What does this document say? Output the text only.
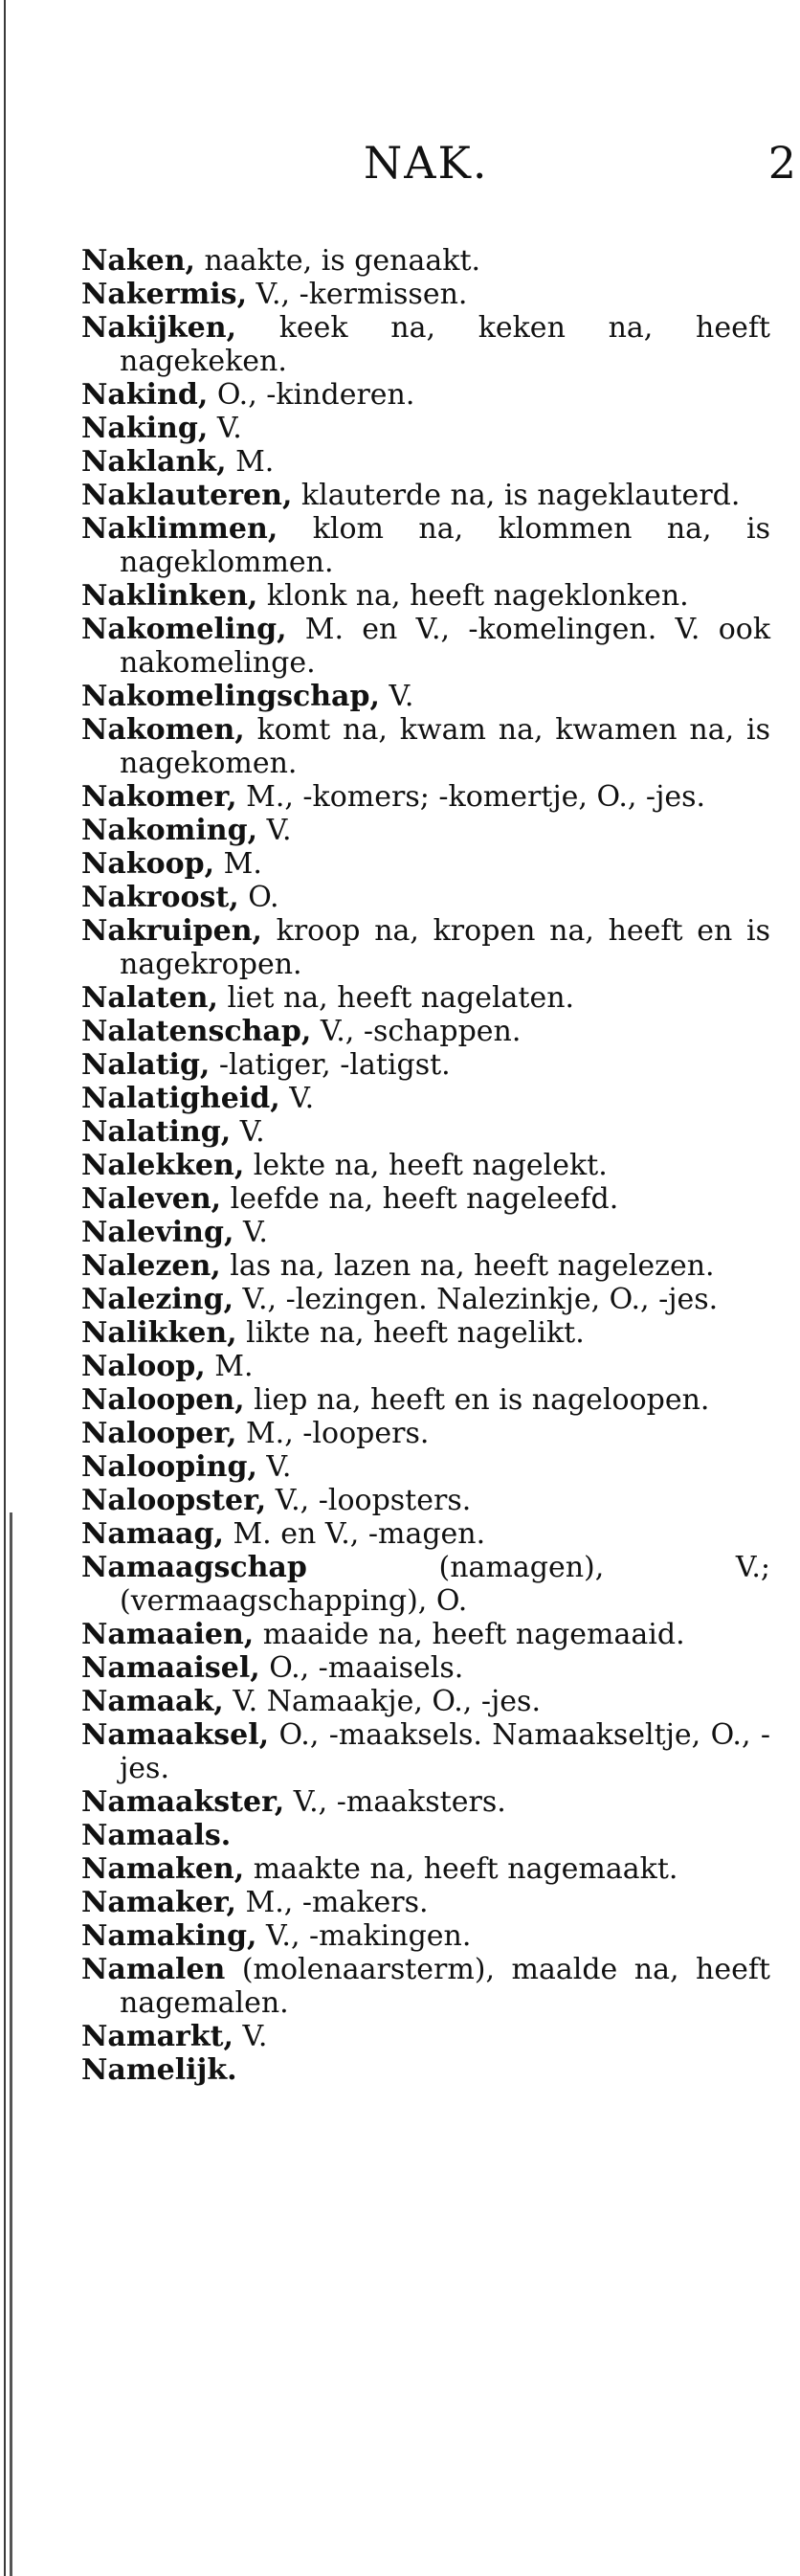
NAK.	2
Naken, naakte, is genaakt.
Nakermis, V., -kermissen.
Nakijken, keek na, keken na, heeft nagekeken.
Nakind, O., -kinderen.
Naking, V.
Naklank, M.
Naklauteren, klauterde na, is nageklauterd.
Naklimmen, klom na, klommen na, is nageklommen.
Naklinken, klonk na, heeft nageklonken.
Nakomeling, M. en V., -komelingen. V. ook nakomelinge.
Nakomelingschap, V.
Nakomen, komt na, kwam na, kwamen na, is nagekomen.
Nakomer, M., -komers; -komertje, O., -jes.
Nakoming, V.
Nakoop, M.
Nakroost, O.
Nakruipen, kroop na, kropen na, heeft en is nagekropen.
Nalaten, liet na, heeft nagelaten.
Nalatenschap, V., -schappen.
Nalatig, -latiger, -latigst.
Nalatigheid, V.
Nalating, V.
Nalekken, lekte na, heeft nagelekt.
Naleven, leefde na, heeft nageleefd.
Naleving, V.
Nalezen, las na, lazen na, heeft nagelezen.
Nalezing, V., -lezingen. Nalezinkje, O., -jes.
Nalikken, likte na, heeft nagelikt.
Naloop, M.
Naloopen, liep na, heeft en is nageloopen.
Nalooper, M., -loopers.
Nalooping, V.
Naloopster, V., -loopsters.
Namaag, M. en V., -magen.
Namaagschap (namagen), V.; (vermaagschapping), O.
Namaaien, maaide na, heeft nagemaaid.
Namaaisel, O., -maaisels.
Namaak, V. Namaakje, O., -jes.
Namaaksel, O., -maaksels. Namaakseltje, O., -jes.
Namaakster, V., -maaksters.
Namaals.
Namaken, maakte na, heeft nagemaakt.
Namaker, M., -makers.
Namaking, V., -makingen.
Namalen (molenaarsterm), maalde na, heeft nagemalen.
Namarkt, V.
Namelijk.
